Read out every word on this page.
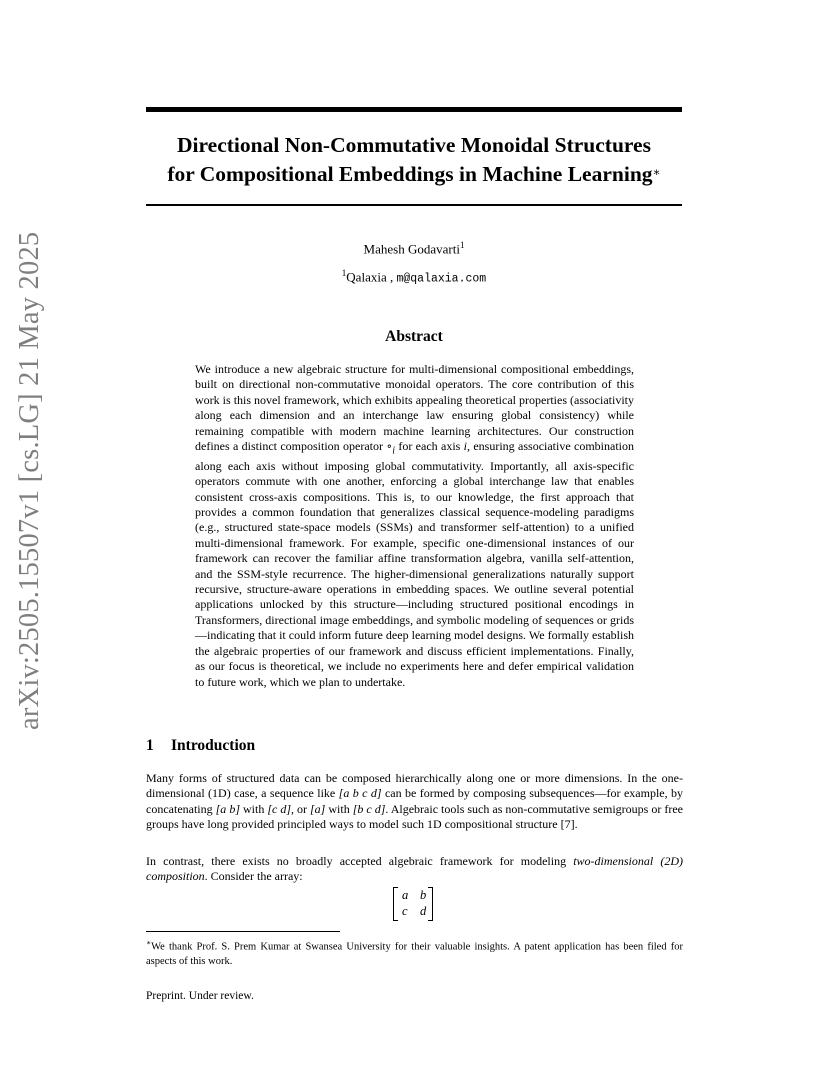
arXiv:2505.15507v1 [cs.LG] 21 May 2025
Directional Non-Commutative Monoidal Structures
for Compositional Embeddings in Machine Learning∗
Mahesh Godavarti$^1$
$^1$Qalaxia , m@qalaxia.com
Abstract
We introduce a new algebraic structure for multi-dimensional compositional embeddings, built on directional non-commutative monoidal operators. The core contribution of this work is this novel framework, which exhibits appealing theoretical properties (associativity along each dimension and an interchange law ensuring global consistency) while remaining compatible with modern machine learning architectures. Our construction defines a distinct composition operator $\circ_i$ for each axis i, ensuring associative combination along each axis without imposing global commutativity. Importantly, all axis-specific operators commute with one another, enforcing a global interchange law that enables consistent cross-axis compositions. This is, to our knowledge, the first approach that provides a common foundation that generalizes classical sequence-modeling paradigms (e.g., structured state-space models (SSMs) and transformer self-attention) to a unified multi-dimensional framework. For example, specific one-dimensional instances of our framework can recover the familiar affine transformation algebra, vanilla self-attention, and the SSM-style recurrence. The higher-dimensional generalizations naturally support recursive, structure-aware operations in embedding spaces. We outline several potential applications unlocked by this structure—including structured positional encodings in Transformers, directional image embeddings, and symbolic modeling of sequences or grids—indicating that it could inform future deep learning model designs. We formally establish the algebraic properties of our framework and discuss efficient implementations. Finally, as our focus is theoretical, we include no experiments here and defer empirical validation to future work, which we plan to undertake.
1 Introduction
Many forms of structured data can be composed hierarchically along one or more dimensions. In the one-dimensional (1D) case, a sequence like [a b c d] can be formed by composing subsequences—for example, by concatenating [a b] with [c d], or [a] with [b c d]. Algebraic tools such as non-commutative semigroups or free groups have long provided principled ways to model such 1D compositional structure [7].
In contrast, there exists no broadly accepted algebraic framework for modeling two-dimensional (2D) composition. Consider the array:
a b
c d
∗We thank Prof. S. Prem Kumar at Swansea University for their valuable insights. A patent application has been filed for aspects of this work.
Preprint. Under review.
